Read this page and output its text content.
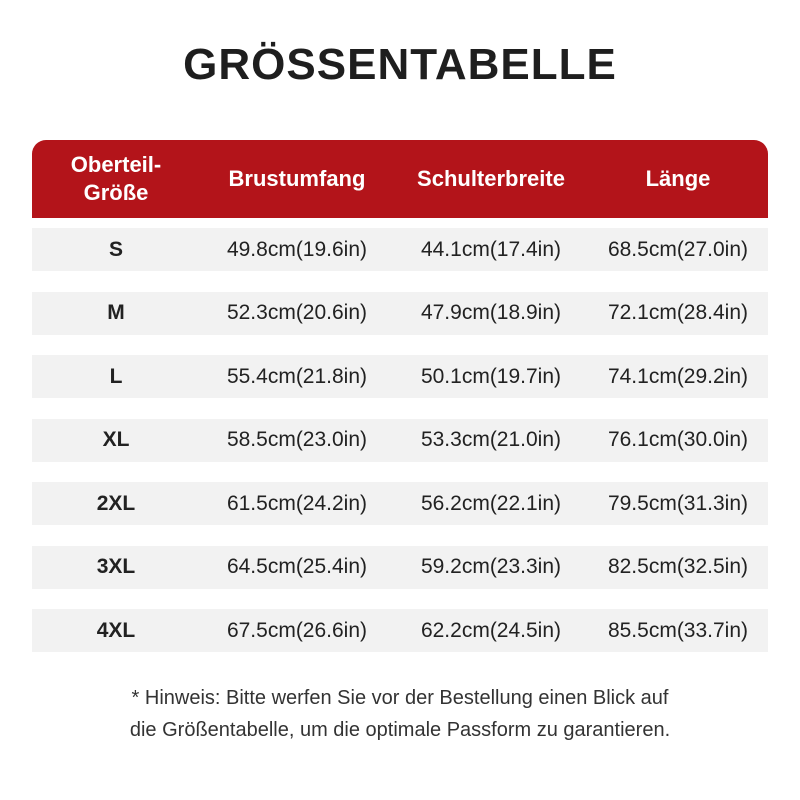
GRÖSSENTABELLE
Oberteil-
Größe
Brustumfang	Schulterbreite	Länge
S	49.8cm(19.6in)	44.1cm(17.4in)	68.5cm(27.0in)
M	52.3cm(20.6in)	47.9cm(18.9in)	72.1cm(28.4in)
L	55.4cm(21.8in)	50.1cm(19.7in)	74.1cm(29.2in)
XL	58.5cm(23.0in)	53.3cm(21.0in)	76.1cm(30.0in)
2XL	61.5cm(24.2in)	56.2cm(22.1in)	79.5cm(31.3in)
3XL	64.5cm(25.4in)	59.2cm(23.3in)	82.5cm(32.5in)
4XL	67.5cm(26.6in)	62.2cm(24.5in)	85.5cm(33.7in)
* Hinweis: Bitte werfen Sie vor der Bestellung einen Blick auf
die Größentabelle, um die optimale Passform zu garantieren.
